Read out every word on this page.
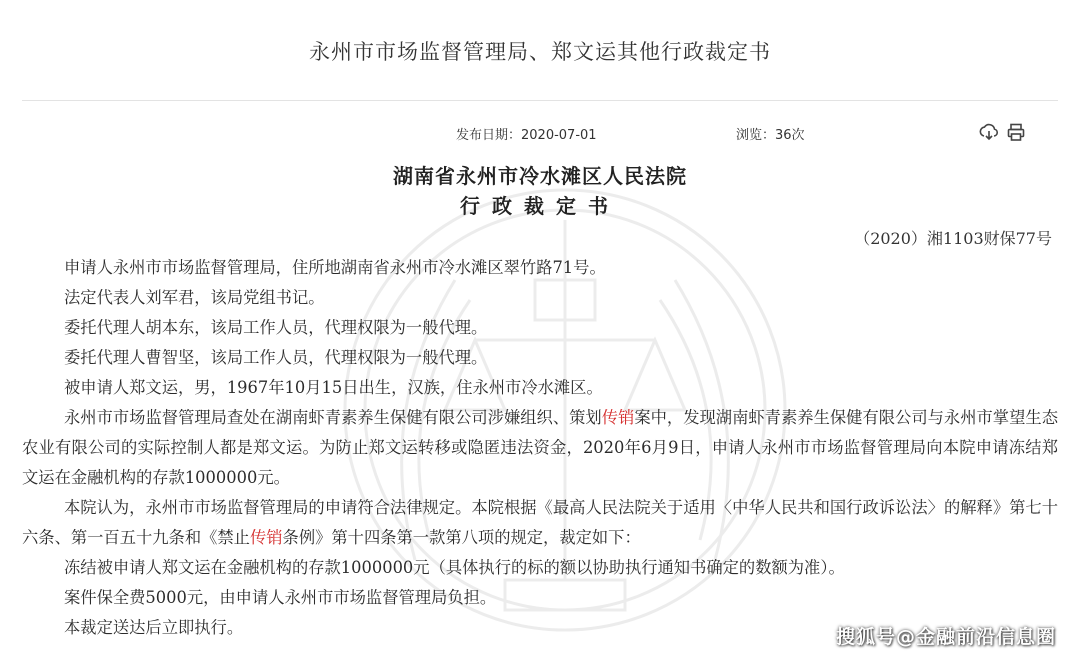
永州市市场监督管理局、郑文运其他行政裁定书
发布日期：2020-07-01	浏览：36次
湖南省永州市冷水滩区人民法院
行政裁定书
（2020）湘1103财保77号

申请人永州市市场监督管理局，住所地湖南省永州市冷水滩区翠竹路71号。

法定代表人刘军君，该局党组书记。

委托代理人胡本东，该局工作人员，代理权限为一般代理。

委托代理人曹智坚，该局工作人员，代理权限为一般代理。

被申请人郑文运，男，1967年10月15日出生，汉族，住永州市冷水滩区。

永州市市场监督管理局查处在湖南虾青素养生保健有限公司涉嫌组织、策划传销案中，发现湖南虾青素养生保健有限公司与永州市掌望生态农业有限公司的实际控制人都是郑文运。为防止郑文运转移或隐匿违法资金，2020年6月9日，申请人永州市市场监督管理局向本院申请冻结郑文运在金融机构的存款1000000元。

本院认为，永州市市场监督管理局的申请符合法律规定。本院根据《最高人民法院关于适用〈中华人民共和国行政诉讼法〉的解释》第七十六条、第一百五十九条和《禁止传销条例》第十四条第一款第八项的规定，裁定如下：

冻结被申请人郑文运在金融机构的存款1000000元（具体执行的标的额以协助执行通知书确定的数额为准）。

案件保全费5000元，由申请人永州市市场监督管理局负担。

本裁定送达后立即执行。	搜狐号@金融前沿信息圈
